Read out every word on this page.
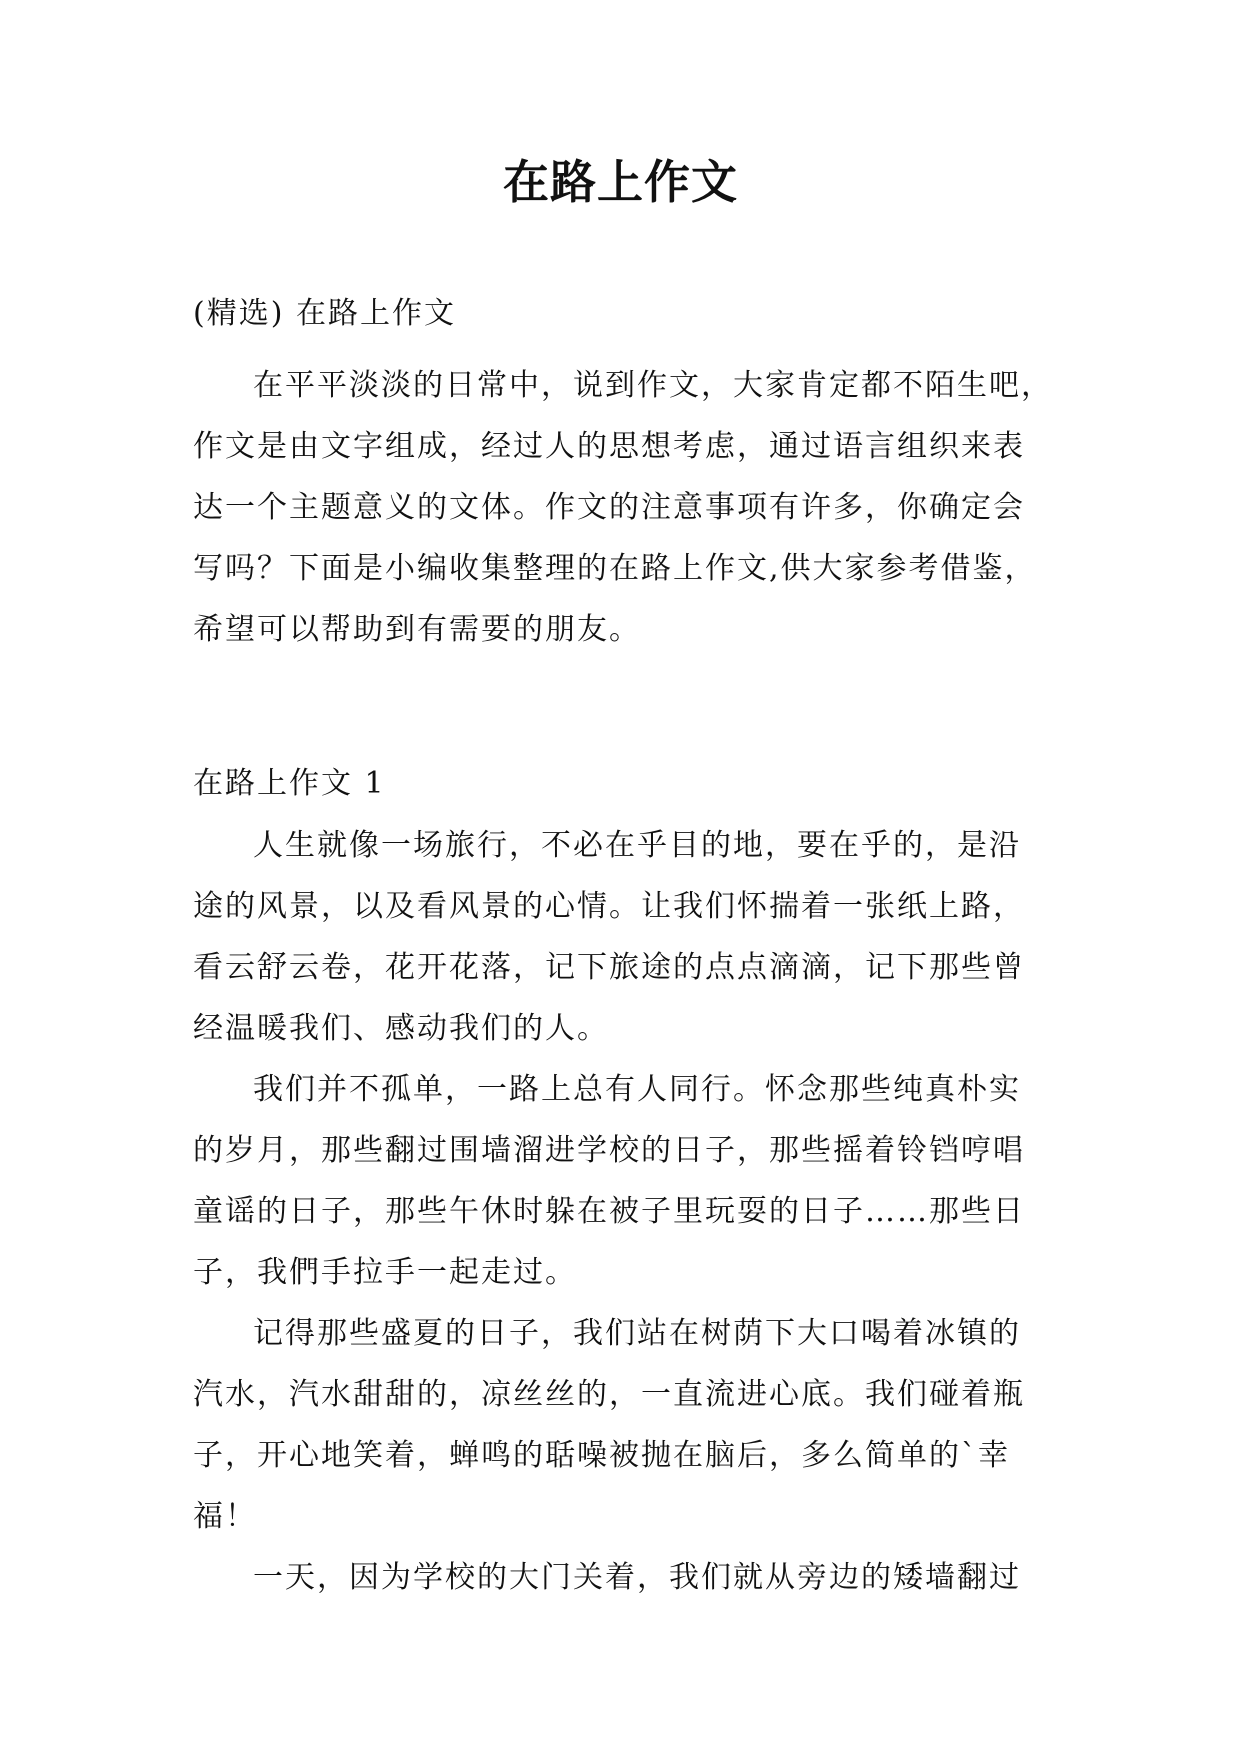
在路上作文

(精选) 在路上作文

在平平淡淡的日常中，说到作文，大家肯定都不陌生吧，
作文是由文字组成，经过人的思想考虑，通过语言组织来表
达一个主题意义的文体。作文的注意事项有许多，你确定会
写吗？下面是小编收集整理的在路上作文,供大家参考借鉴，
希望可以帮助到有需要的朋友。

在路上作文 1

人生就像一场旅行，不必在乎目的地，要在乎的，是沿
途的风景，以及看风景的心情。让我们怀揣着一张纸上路，
看云舒云卷，花开花落，记下旅途的点点滴滴，记下那些曾
经温暖我们、感动我们的人。

我们并不孤单，一路上总有人同行。怀念那些纯真朴实
的岁月，那些翻过围墙溜进学校的日子，那些摇着铃铛哼唱
童谣的日子，那些午休时躲在被子里玩耍的日子……那些日
子，我們手拉手一起走过。

记得那些盛夏的日子，我们站在树荫下大口喝着冰镇的
汽水，汽水甜甜的，凉丝丝的，一直流进心底。我们碰着瓶
子，开心地笑着，蝉鸣的聒噪被抛在脑后，多么简单的`幸
福！

一天，因为学校的大门关着，我们就从旁边的矮墙翻过
